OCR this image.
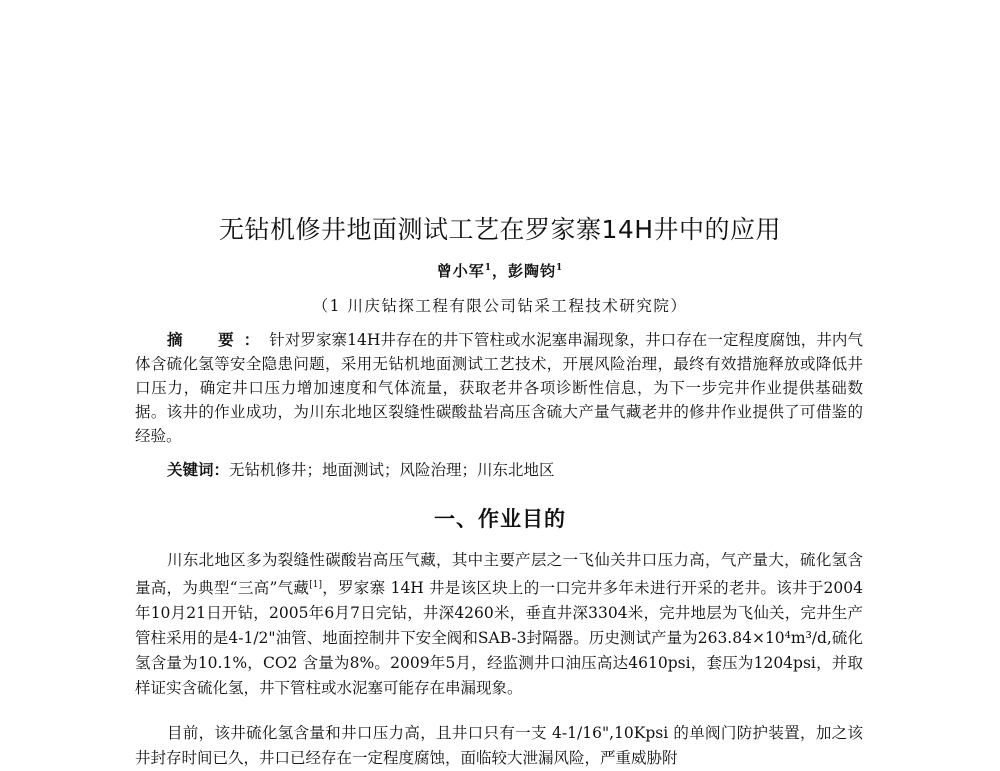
无钻机修井地面测试工艺在罗家寨14H井中的应用
曾小军$^1$，彭陶钧$^1$
（1 川庆钻探工程有限公司钻采工程技术研究院）
摘　要：针对罗家寨14H井存在的井下管柱或水泥塞串漏现象，井口存在一定程度腐蚀，井内气体含硫化氢等安全隐患问题，采用无钻机地面测试工艺技术，开展风险治理，最终有效措施释放或降低井口压力，确定井口压力增加速度和气体流量，获取老井各项诊断性信息，为下一步完井作业提供基础数据。该井的作业成功，为川东北地区裂缝性碳酸盐岩高压含硫大产量气藏老井的修井作业提供了可借鉴的经验。
关键词：无钻机修井；地面测试；风险治理；川东北地区
一、作业目的

川东北地区多为裂缝性碳酸岩高压气藏，其中主要产层之一飞仙关井口压力高，气产量大，硫化氢含量高，为典型“三高”气藏[1]，罗家寨 14H 井是该区块上的一口完井多年未进行开采的老井。该井于2004年10月21日开钻，2005年6月7日完钻，井深4260米，垂直井深3304米，完井地层为飞仙关，完井生产管柱采用的是4-1/2"油管、地面控制井下安全阀和SAB-3封隔器。历史测试产量为263.84×10⁴m³/d,硫化氢含量为10.1%，CO2 含量为8%。2009年5月，经监测井口油压高达4610psi，套压为1204psi，并取样证实含硫化氢，井下管柱或水泥塞可能存在串漏现象。

目前，该井硫化氢含量和井口压力高，且井口只有一支 4-1/16",10Kpsi 的单阀门防护装置，加之该井封存时间已久，井口已经存在一定程度腐蚀，面临较大泄漏风险，严重威胁附
